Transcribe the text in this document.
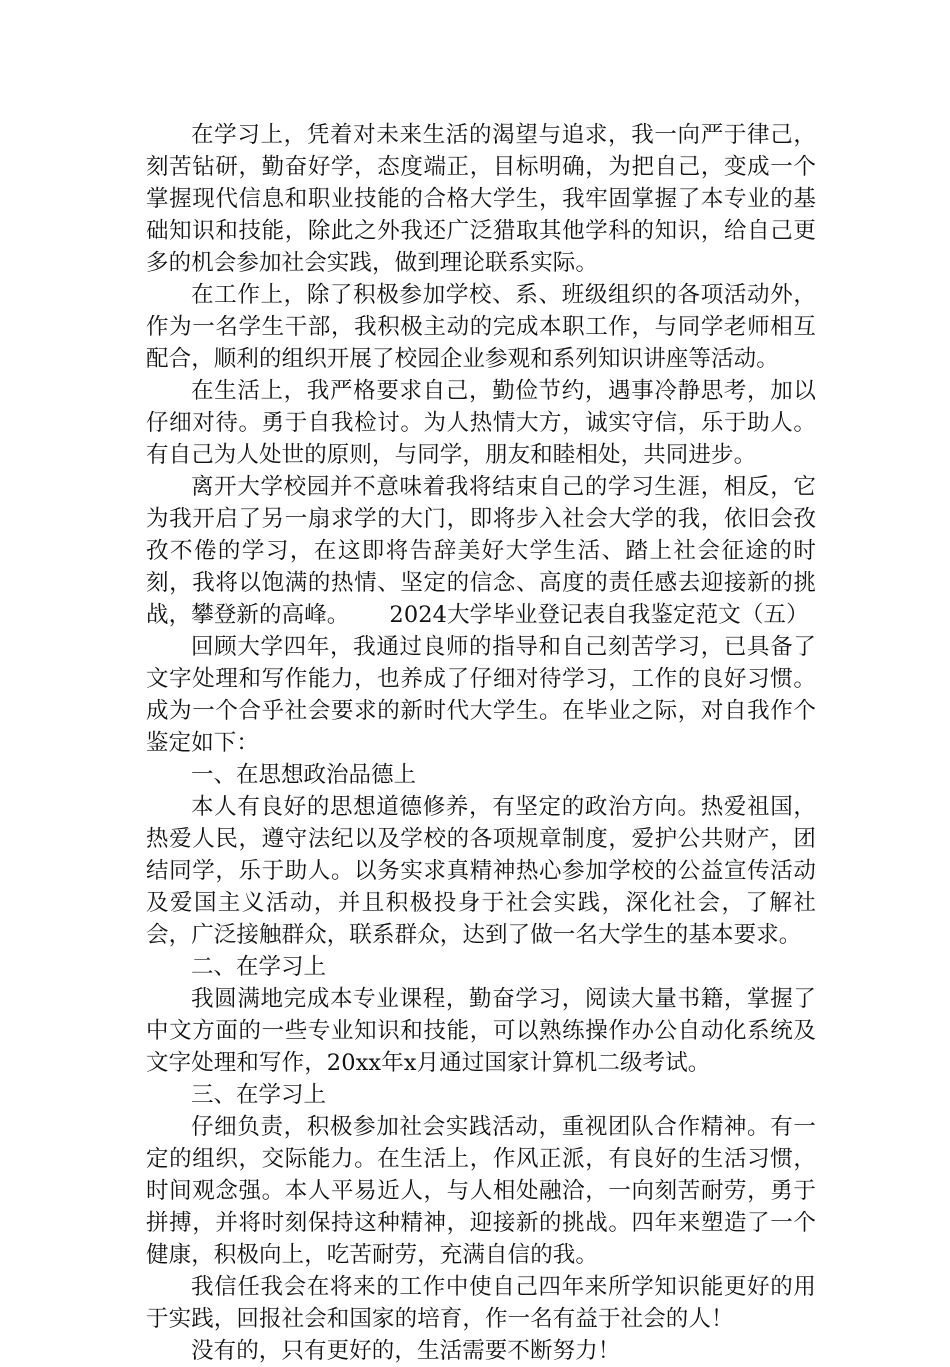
在学习上，凭着对未来生活的渴望与追求，我一向严于律己，刻苦钻研，勤奋好学，态度端正，目标明确，为把自己，变成一个掌握现代信息和职业技能的合格大学生，我牢固掌握了本专业的基础知识和技能，除此之外我还广泛猎取其他学科的知识，给自己更多的机会参加社会实践，做到理论联系实际。

在工作上，除了积极参加学校、系、班级组织的各项活动外，作为一名学生干部，我积极主动的完成本职工作，与同学老师相互配合，顺利的组织开展了校园企业参观和系列知识讲座等活动。

在生活上，我严格要求自己，勤俭节约，遇事冷静思考，加以仔细对待。勇于自我检讨。为人热情大方，诚实守信，乐于助人。有自己为人处世的原则，与同学，朋友和睦相处，共同进步。

离开大学校园并不意味着我将结束自己的学习生涯，相反，它为我开启了另一扇求学的大门，即将步入社会大学的我，依旧会孜孜不倦的学习，在这即将告辞美好大学生活、踏上社会征途的时刻，我将以饱满的热情、坚定的信念、高度的责任感去迎接新的挑战，攀登新的高峰。 2024大学毕业登记表自我鉴定范文（五）

回顾大学四年，我通过良师的指导和自己刻苦学习，已具备了文字处理和写作能力，也养成了仔细对待学习，工作的良好习惯。成为一个合乎社会要求的新时代大学生。在毕业之际，对自我作个鉴定如下：

一、在思想政治品德上

本人有良好的思想道德修养，有坚定的政治方向。热爱祖国，热爱人民，遵守法纪以及学校的各项规章制度，爱护公共财产，团结同学，乐于助人。以务实求真精神热心参加学校的公益宣传活动及爱国主义活动，并且积极投身于社会实践，深化社会，了解社会，广泛接触群众，联系群众，达到了做一名大学生的基本要求。

二、在学习上

我圆满地完成本专业课程，勤奋学习，阅读大量书籍，掌握了中文方面的一些专业知识和技能，可以熟练操作办公自动化系统及文字处理和写作，20xx年x月通过国家计算机二级考试。

三、在学习上

仔细负责，积极参加社会实践活动，重视团队合作精神。有一定的组织，交际能力。在生活上，作风正派，有良好的生活习惯，时间观念强。本人平易近人，与人相处融洽，一向刻苦耐劳，勇于拼搏，并将时刻保持这种精神，迎接新的挑战。四年来塑造了一个健康，积极向上，吃苦耐劳，充满自信的我。

我信任我会在将来的工作中使自己四年来所学知识能更好的用于实践，回报社会和国家的培育，作一名有益于社会的人！

没有的，只有更好的，生活需要不断努力！
